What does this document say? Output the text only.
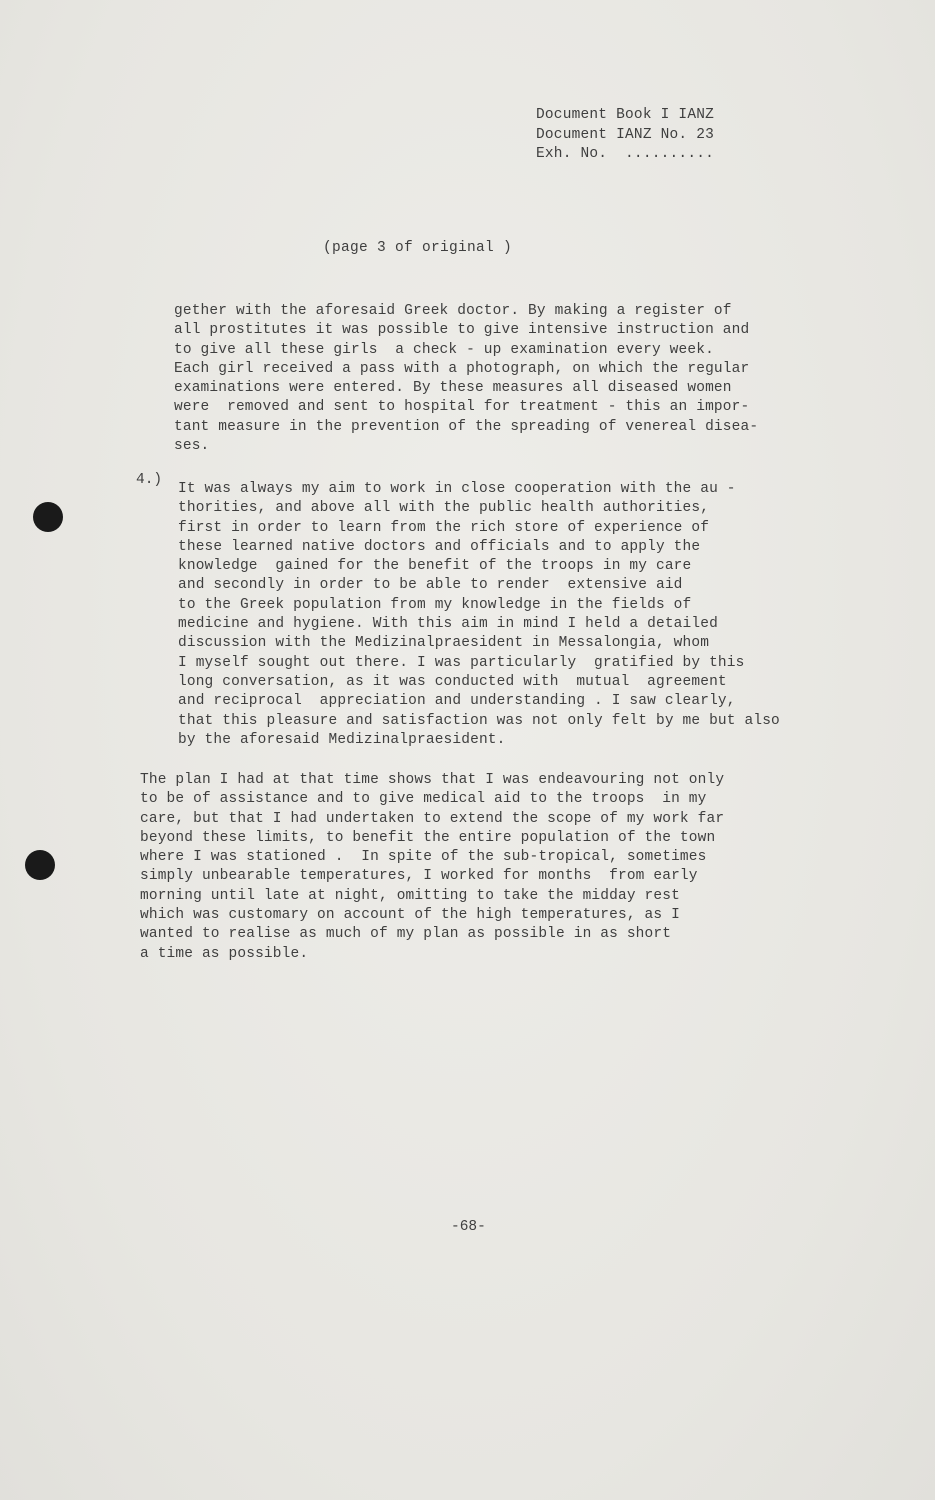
Document Book I IANZ
Document IANZ No. 23
Exh. No.  ..........
(page 3 of original )
gether with the aforesaid Greek doctor. By making a register of
all prostitutes it was possible to give intensive instruction and
to give all these girls  a check - up examination every week.
Each girl received a pass with a photograph, on which the regular
examinations were entered. By these measures all diseased women
were  removed and sent to hospital for treatment - this an impor-
tant measure in the prevention of the spreading of venereal disea-
ses.
4.)
It was always my aim to work in close cooperation with the au -
thorities, and above all with the public health authorities,
first in order to learn from the rich store of experience of
these learned native doctors and officials and to apply the
knowledge  gained for the benefit of the troops in my care
and secondly in order to be able to render  extensive aid
to the Greek population from my knowledge in the fields of
medicine and hygiene. With this aim in mind I held a detailed
discussion with the Medizinalpraesident in Messalongia, whom
I myself sought out there. I was particularly  gratified by this
long conversation, as it was conducted with  mutual  agreement
and reciprocal  appreciation and understanding . I saw clearly,
that this pleasure and satisfaction was not only felt by me but also
by the aforesaid Medizinalpraesident.
The plan I had at that time shows that I was endeavouring not only
to be of assistance and to give medical aid to the troops  in my
care, but that I had undertaken to extend the scope of my work far
beyond these limits, to benefit the entire population of the town
where I was stationed .  In spite of the sub-tropical, sometimes
simply unbearable temperatures, I worked for months  from early
morning until late at night, omitting to take the midday rest
which was customary on account of the high temperatures, as I
wanted to realise as much of my plan as possible in as short
a time as possible.
-68-
